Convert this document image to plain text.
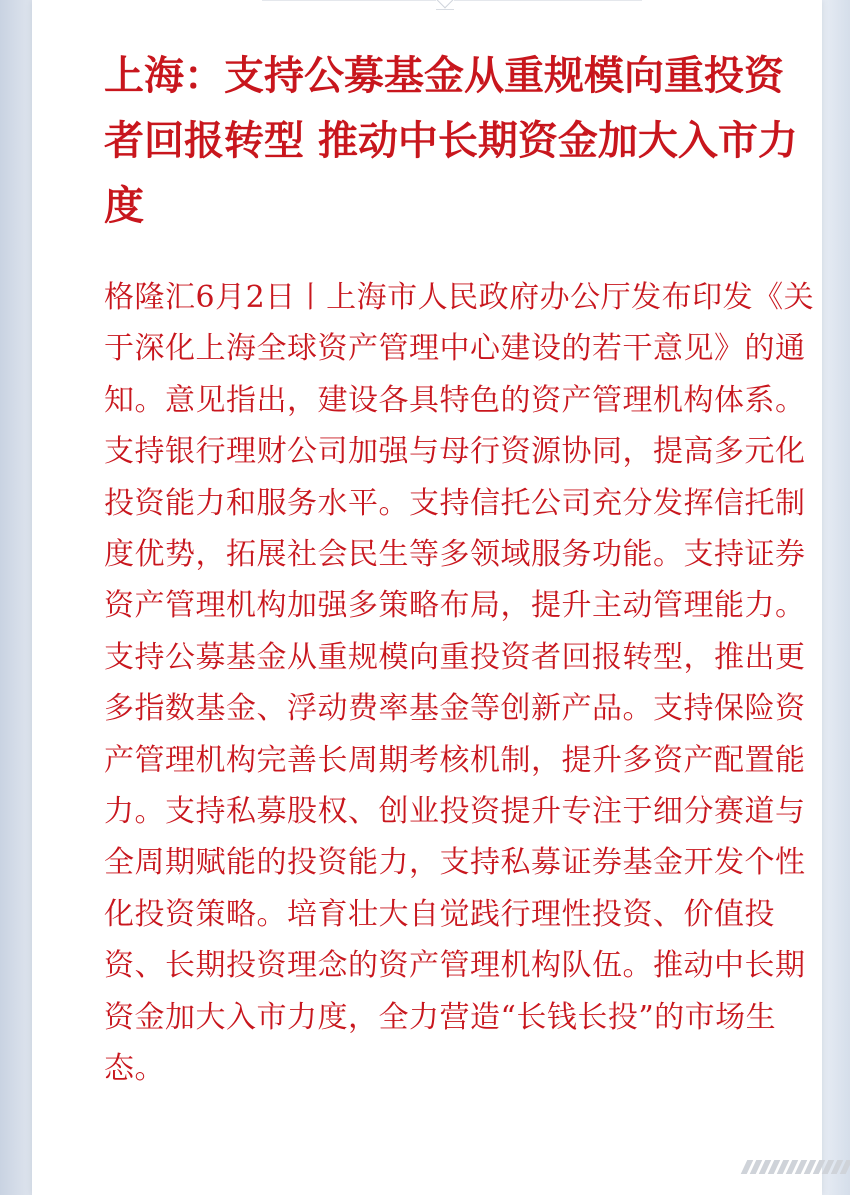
上海：支持公募基金从重规模向重投资者回报转型 推动中长期资金加大入市力度

格隆汇6月2日丨上海市人民政府办公厅发布印发《关于深化上海全球资产管理中心建设的若干意见》的通知。意见指出，建设各具特色的资产管理机构体系。支持银行理财公司加强与母行资源协同，提高多元化投资能力和服务水平。支持信托公司充分发挥信托制度优势，拓展社会民生等多领域服务功能。支持证券资产管理机构加强多策略布局，提升主动管理能力。支持公募基金从重规模向重投资者回报转型，推出更多指数基金、浮动费率基金等创新产品。支持保险资产管理机构完善长周期考核机制，提升多资产配置能力。支持私募股权、创业投资提升专注于细分赛道与全周期赋能的投资能力，支持私募证券基金开发个性化投资策略。培育壮大自觉践行理性投资、价值投资、长期投资理念的资产管理机构队伍。推动中长期资金加大入市力度，全力营造“长钱长投”的市场生态。
